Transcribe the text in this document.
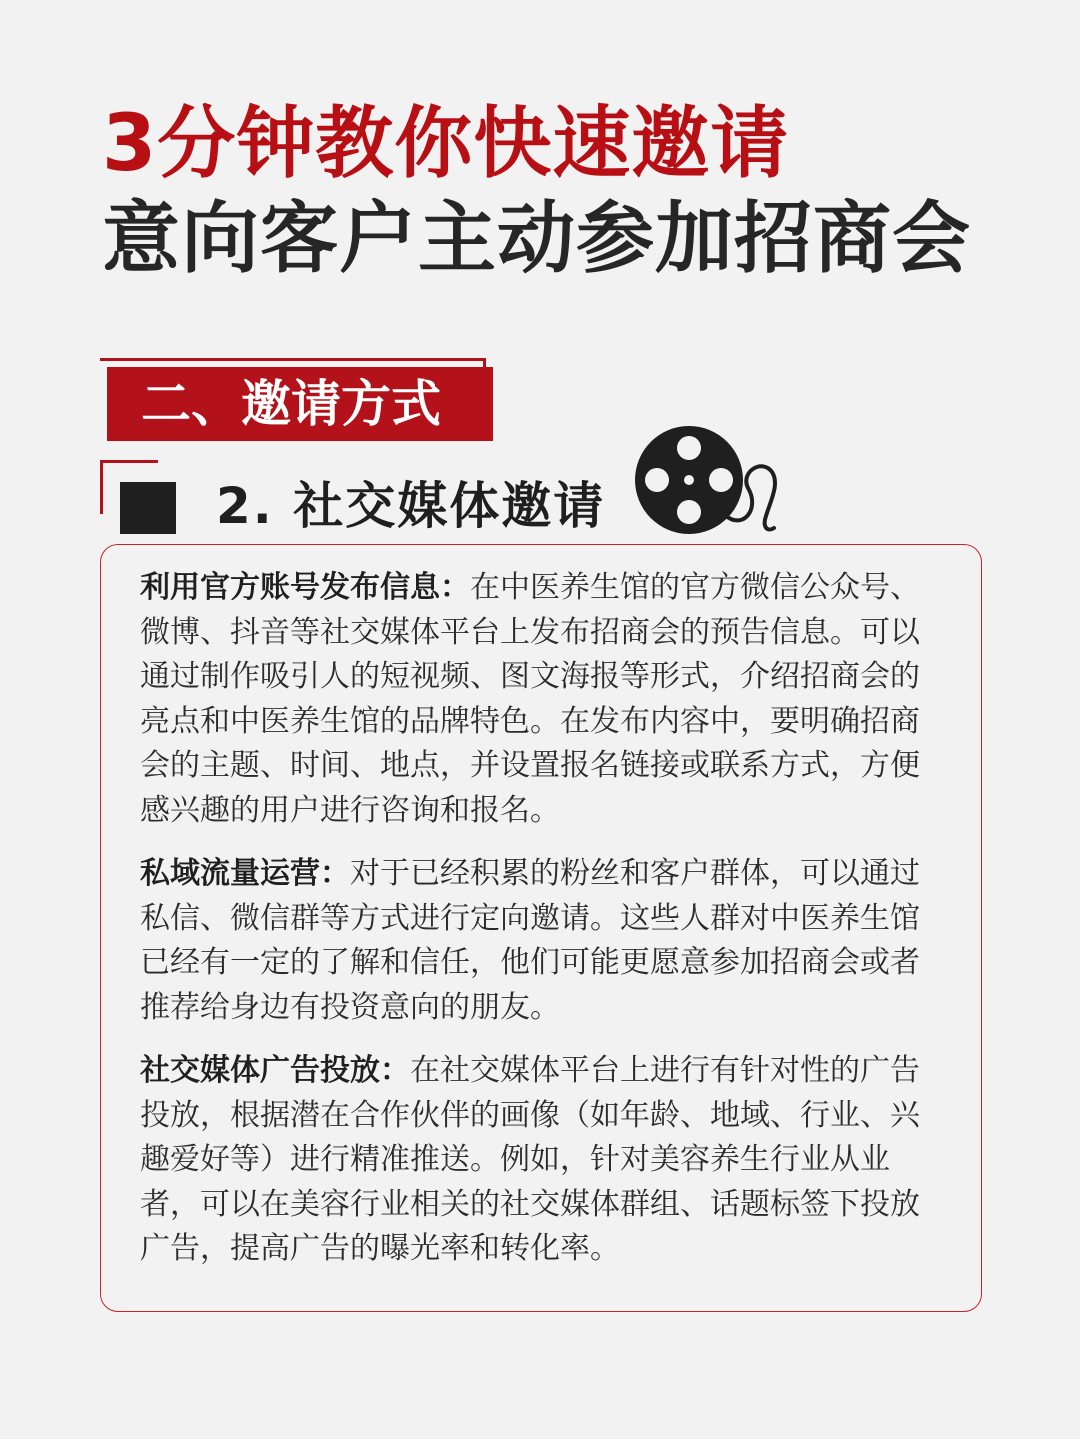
3分钟教你快速邀请
意向客户主动参加招商会
二、邀请方式
2. 社交媒体邀请

利用官方账号发布信息：在中医养生馆的官方微信公众号、微博、抖音等社交媒体平台上发布招商会的预告信息。可以通过制作吸引人的短视频、图文海报等形式，介绍招商会的亮点和中医养生馆的品牌特色。在发布内容中，要明确招商会的主题、时间、地点，并设置报名链接或联系方式，方便感兴趣的用户进行咨询和报名。

私域流量运营：对于已经积累的粉丝和客户群体，可以通过私信、微信群等方式进行定向邀请。这些人群对中医养生馆已经有一定的了解和信任，他们可能更愿意参加招商会或者推荐给身边有投资意向的朋友。

社交媒体广告投放：在社交媒体平台上进行有针对性的广告投放，根据潜在合作伙伴的画像（如年龄、地域、行业、兴趣爱好等）进行精准推送。例如，针对美容养生行业从业者，可以在美容行业相关的社交媒体群组、话题标签下投放广告，提高广告的曝光率和转化率。
